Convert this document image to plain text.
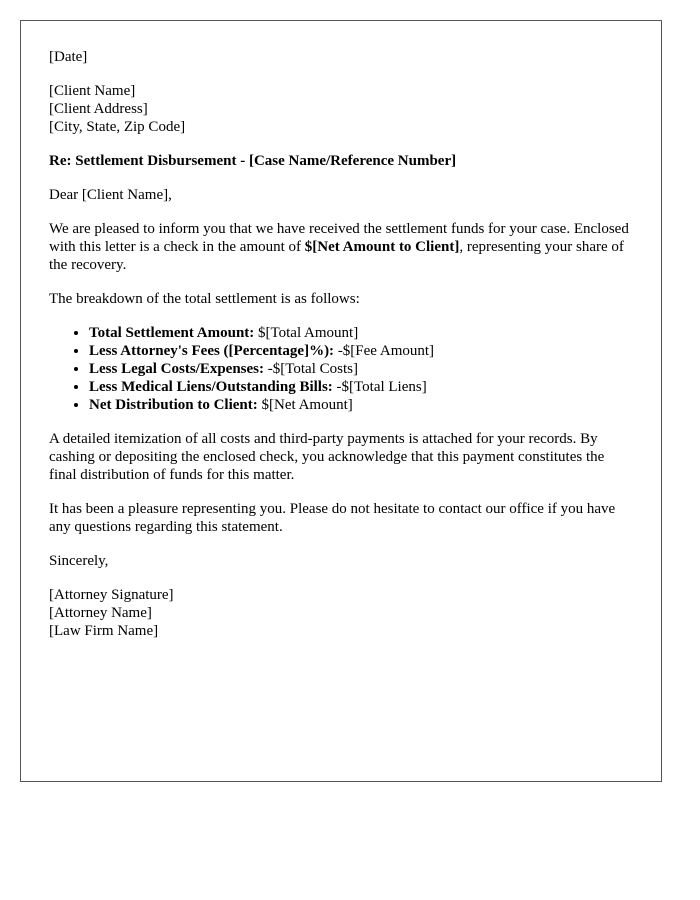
[Date]
[Client Name]
[Client Address]
[City, State, Zip Code]
Re: Settlement Disbursement - [Case Name/Reference Number]
Dear [Client Name],

We are pleased to inform you that we have received the settlement funds for your case. Enclosed with this letter is a check in the amount of $[Net Amount to Client], representing your share of the recovery.

The breakdown of the total settlement is as follows:

• Total Settlement Amount: $[Total Amount]
• Less Attorney's Fees ([Percentage]%): -$[Fee Amount]
• Less Legal Costs/Expenses: -$[Total Costs]
• Less Medical Liens/Outstanding Bills: -$[Total Liens]
• Net Distribution to Client: $[Net Amount]

A detailed itemization of all costs and third-party payments is attached for your records. By cashing or depositing the enclosed check, you acknowledge that this payment constitutes the final distribution of funds for this matter.

It has been a pleasure representing you. Please do not hesitate to contact our office if you have any questions regarding this statement.

Sincerely,
[Attorney Signature]
[Attorney Name]
[Law Firm Name]
